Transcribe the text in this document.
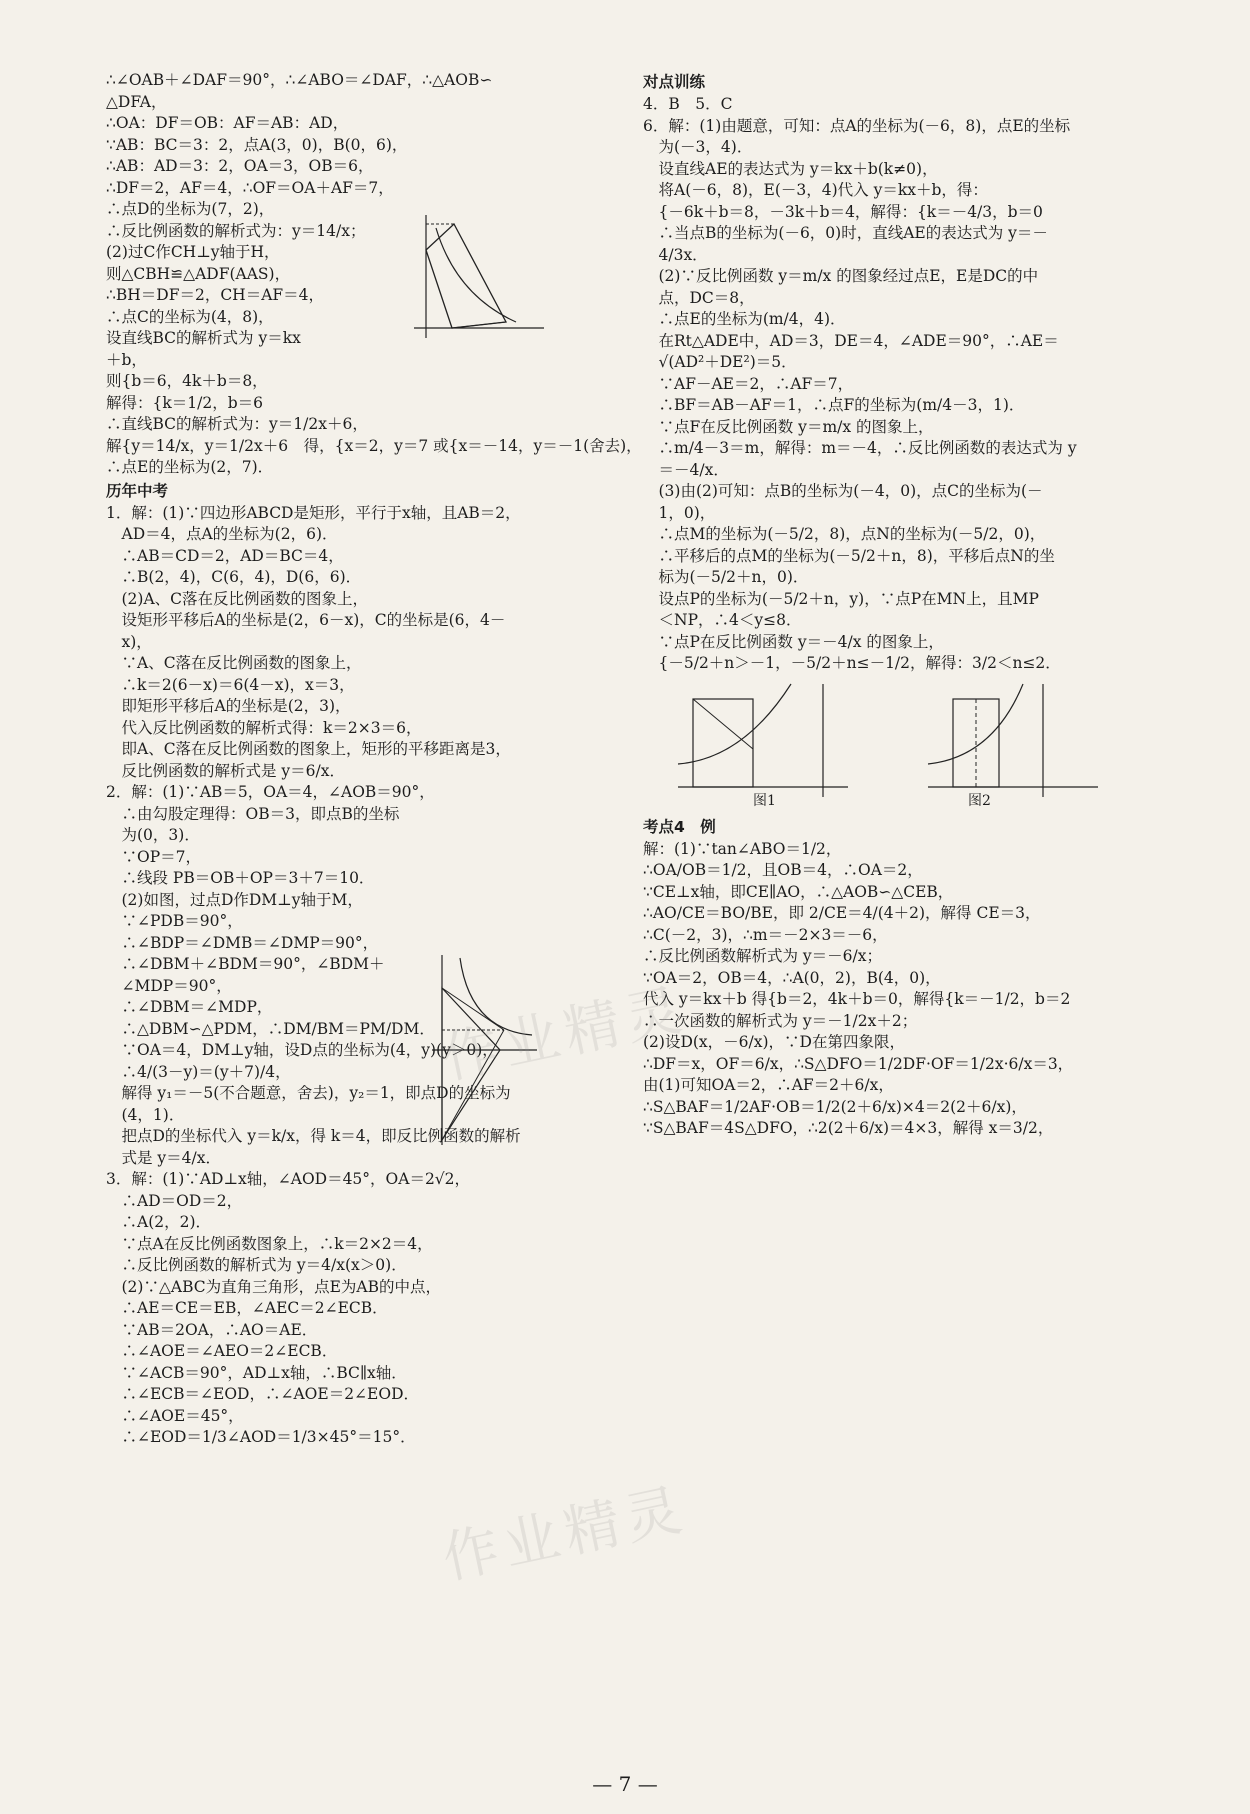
∴∠OAB＋∠DAF＝90°，∴∠ABO＝∠DAF，∴△AOB∽
△DFA，
∴OA：DF＝OB：AF＝AB：AD，
∵AB：BC＝3：2，点A(3，0)，B(0，6)，
∴AB：AD＝3：2，OA＝3，OB＝6，
∴DF＝2，AF＝4，∴OF＝OA＋AF＝7，
∴点D的坐标为(7，2)，
∴反比例函数的解析式为：y＝14/x；
(2)过C作CH⊥y轴于H，
则△CBH≌△ADF(AAS)，
∴BH＝DF＝2，CH＝AF＝4，
∴点C的坐标为(4，8)，
设直线BC的解析式为 y＝kx
＋b，
则{b＝6，4k＋b＝8，
解得：{k＝1/2，b＝6
∴直线BC的解析式为：y＝1/2x＋6，
解{y＝14/x，y＝1/2x＋6　得，{x＝2，y＝7 或{x＝－14，y＝－1(舍去)，
∴点E的坐标为(2，7)．
历年中考
1．解：(1)∵四边形ABCD是矩形，平行于x轴，且AB＝2，
　AD＝4，点A的坐标为(2，6)．
　∴AB＝CD＝2，AD＝BC＝4，
　∴B(2，4)，C(6，4)，D(6，6)．
　(2)A、C落在反比例函数的图象上，
　设矩形平移后A的坐标是(2，6－x)，C的坐标是(6，4－
　x)，
　∵A、C落在反比例函数的图象上，
　∴k＝2(6－x)＝6(4－x)，x＝3，
　即矩形平移后A的坐标是(2，3)，
　代入反比例函数的解析式得：k＝2×3＝6，
　即A、C落在反比例函数的图象上，矩形的平移距离是3，
　反比例函数的解析式是 y＝6/x．
2．解：(1)∵AB＝5，OA＝4，∠AOB＝90°，
　∴由勾股定理得：OB＝3，即点B的坐标
　为(0，3)．
　∵OP＝7，
　∴线段 PB＝OB＋OP＝3＋7＝10．
　(2)如图，过点D作DM⊥y轴于M，
　∵∠PDB＝90°，
　∴∠BDP＝∠DMB＝∠DMP＝90°，
　∴∠DBM＋∠BDM＝90°，∠BDM＋
　∠MDP＝90°，
　∴∠DBM＝∠MDP，
　∴△DBM∽△PDM，∴DM/BM＝PM/DM．
　∵OA＝4，DM⊥y轴，设D点的坐标为(4，y)(y＞0)，
　∴4/(3－y)＝(y＋7)/4，
　解得 y₁＝－5(不合题意，舍去)，y₂＝1，即点D的坐标为
　(4，1)．
　把点D的坐标代入 y＝k/x，得 k＝4，即反比例函数的解析
　式是 y＝4/x．
3．解：(1)∵AD⊥x轴，∠AOD＝45°，OA＝2√2，
　∴AD＝OD＝2，
　∴A(2，2)．
　∵点A在反比例函数图象上，∴k＝2×2＝4，
　∴反比例函数的解析式为 y＝4/x(x＞0)．
　(2)∵△ABC为直角三角形，点E为AB的中点，
　∴AE＝CE＝EB，∠AEC＝2∠ECB．
　∵AB＝2OA，∴AO＝AE．
　∴∠AOE＝∠AEO＝2∠ECB．
　∵∠ACB＝90°，AD⊥x轴，∴BC∥x轴．
　∴∠ECB＝∠EOD，∴∠AOE＝2∠EOD．
　∴∠AOE＝45°，
　∴∠EOD＝1/3∠AOD＝1/3×45°＝15°．
对点训练
4．B　5．C
6．解：(1)由题意，可知：点A的坐标为(－6，8)，点E的坐标
　为(－3，4)．
　设直线AE的表达式为 y＝kx＋b(k≠0)，
　将A(－6，8)，E(－3，4)代入 y＝kx＋b，得：
　{－6k＋b＝8，－3k＋b＝4，解得：{k＝－4/3，b＝0
　∴当点B的坐标为(－6，0)时，直线AE的表达式为 y＝－
　4/3x．
　(2)∵反比例函数 y＝m/x 的图象经过点E，E是DC的中
　点，DC＝8，
　∴点E的坐标为(m/4，4)．
　在Rt△ADE中，AD＝3，DE＝4，∠ADE＝90°，∴AE＝
　√(AD²＋DE²)＝5．
　∵AF－AE＝2，∴AF＝7，
　∴BF＝AB－AF＝1，∴点F的坐标为(m/4－3，1)．
　∵点F在反比例函数 y＝m/x 的图象上，
　∴m/4－3＝m，解得：m＝－4，∴反比例函数的表达式为 y
　＝－4/x．
　(3)由(2)可知：点B的坐标为(－4，0)，点C的坐标为(－
　1，0)，
　∴点M的坐标为(－5/2，8)，点N的坐标为(－5/2，0)，
　∴平移后的点M的坐标为(－5/2＋n，8)，平移后点N的坐
　标为(－5/2＋n，0)．
　设点P的坐标为(－5/2＋n，y)，∵点P在MN上，且MP
　＜NP，∴4＜y≤8．
　∵点P在反比例函数 y＝－4/x 的图象上，
　{－5/2＋n＞－1，－5/2＋n≤－1/2，解得：3/2＜n≤2．
图1	图2
考点4　例
解：(1)∵tan∠ABO＝1/2，
∴OA/OB＝1/2，且OB＝4，∴OA＝2，
∵CE⊥x轴，即CE∥AO，∴△AOB∽△CEB，
∴AO/CE＝BO/BE，即 2/CE＝4/(4＋2)，解得 CE＝3，
∴C(－2，3)，∴m＝－2×3＝－6，
∴反比例函数解析式为 y＝－6/x；
∵OA＝2，OB＝4，∴A(0，2)，B(4，0)，
代入 y＝kx＋b 得{b＝2，4k＋b＝0，解得{k＝－1/2，b＝2
∴一次函数的解析式为 y＝－1/2x＋2；
(2)设D(x，－6/x)，∵D在第四象限，
∴DF＝x，OF＝6/x，∴S△DFO＝1/2DF·OF＝1/2x·6/x＝3，
由(1)可知OA＝2，∴AF＝2＋6/x，
∴S△BAF＝1/2AF·OB＝1/2(2＋6/x)×4＝2(2＋6/x)，
∵S△BAF＝4S△DFO，∴2(2＋6/x)＝4×3，解得 x＝3/2，
作业精灵
作业精灵
— 7 —
